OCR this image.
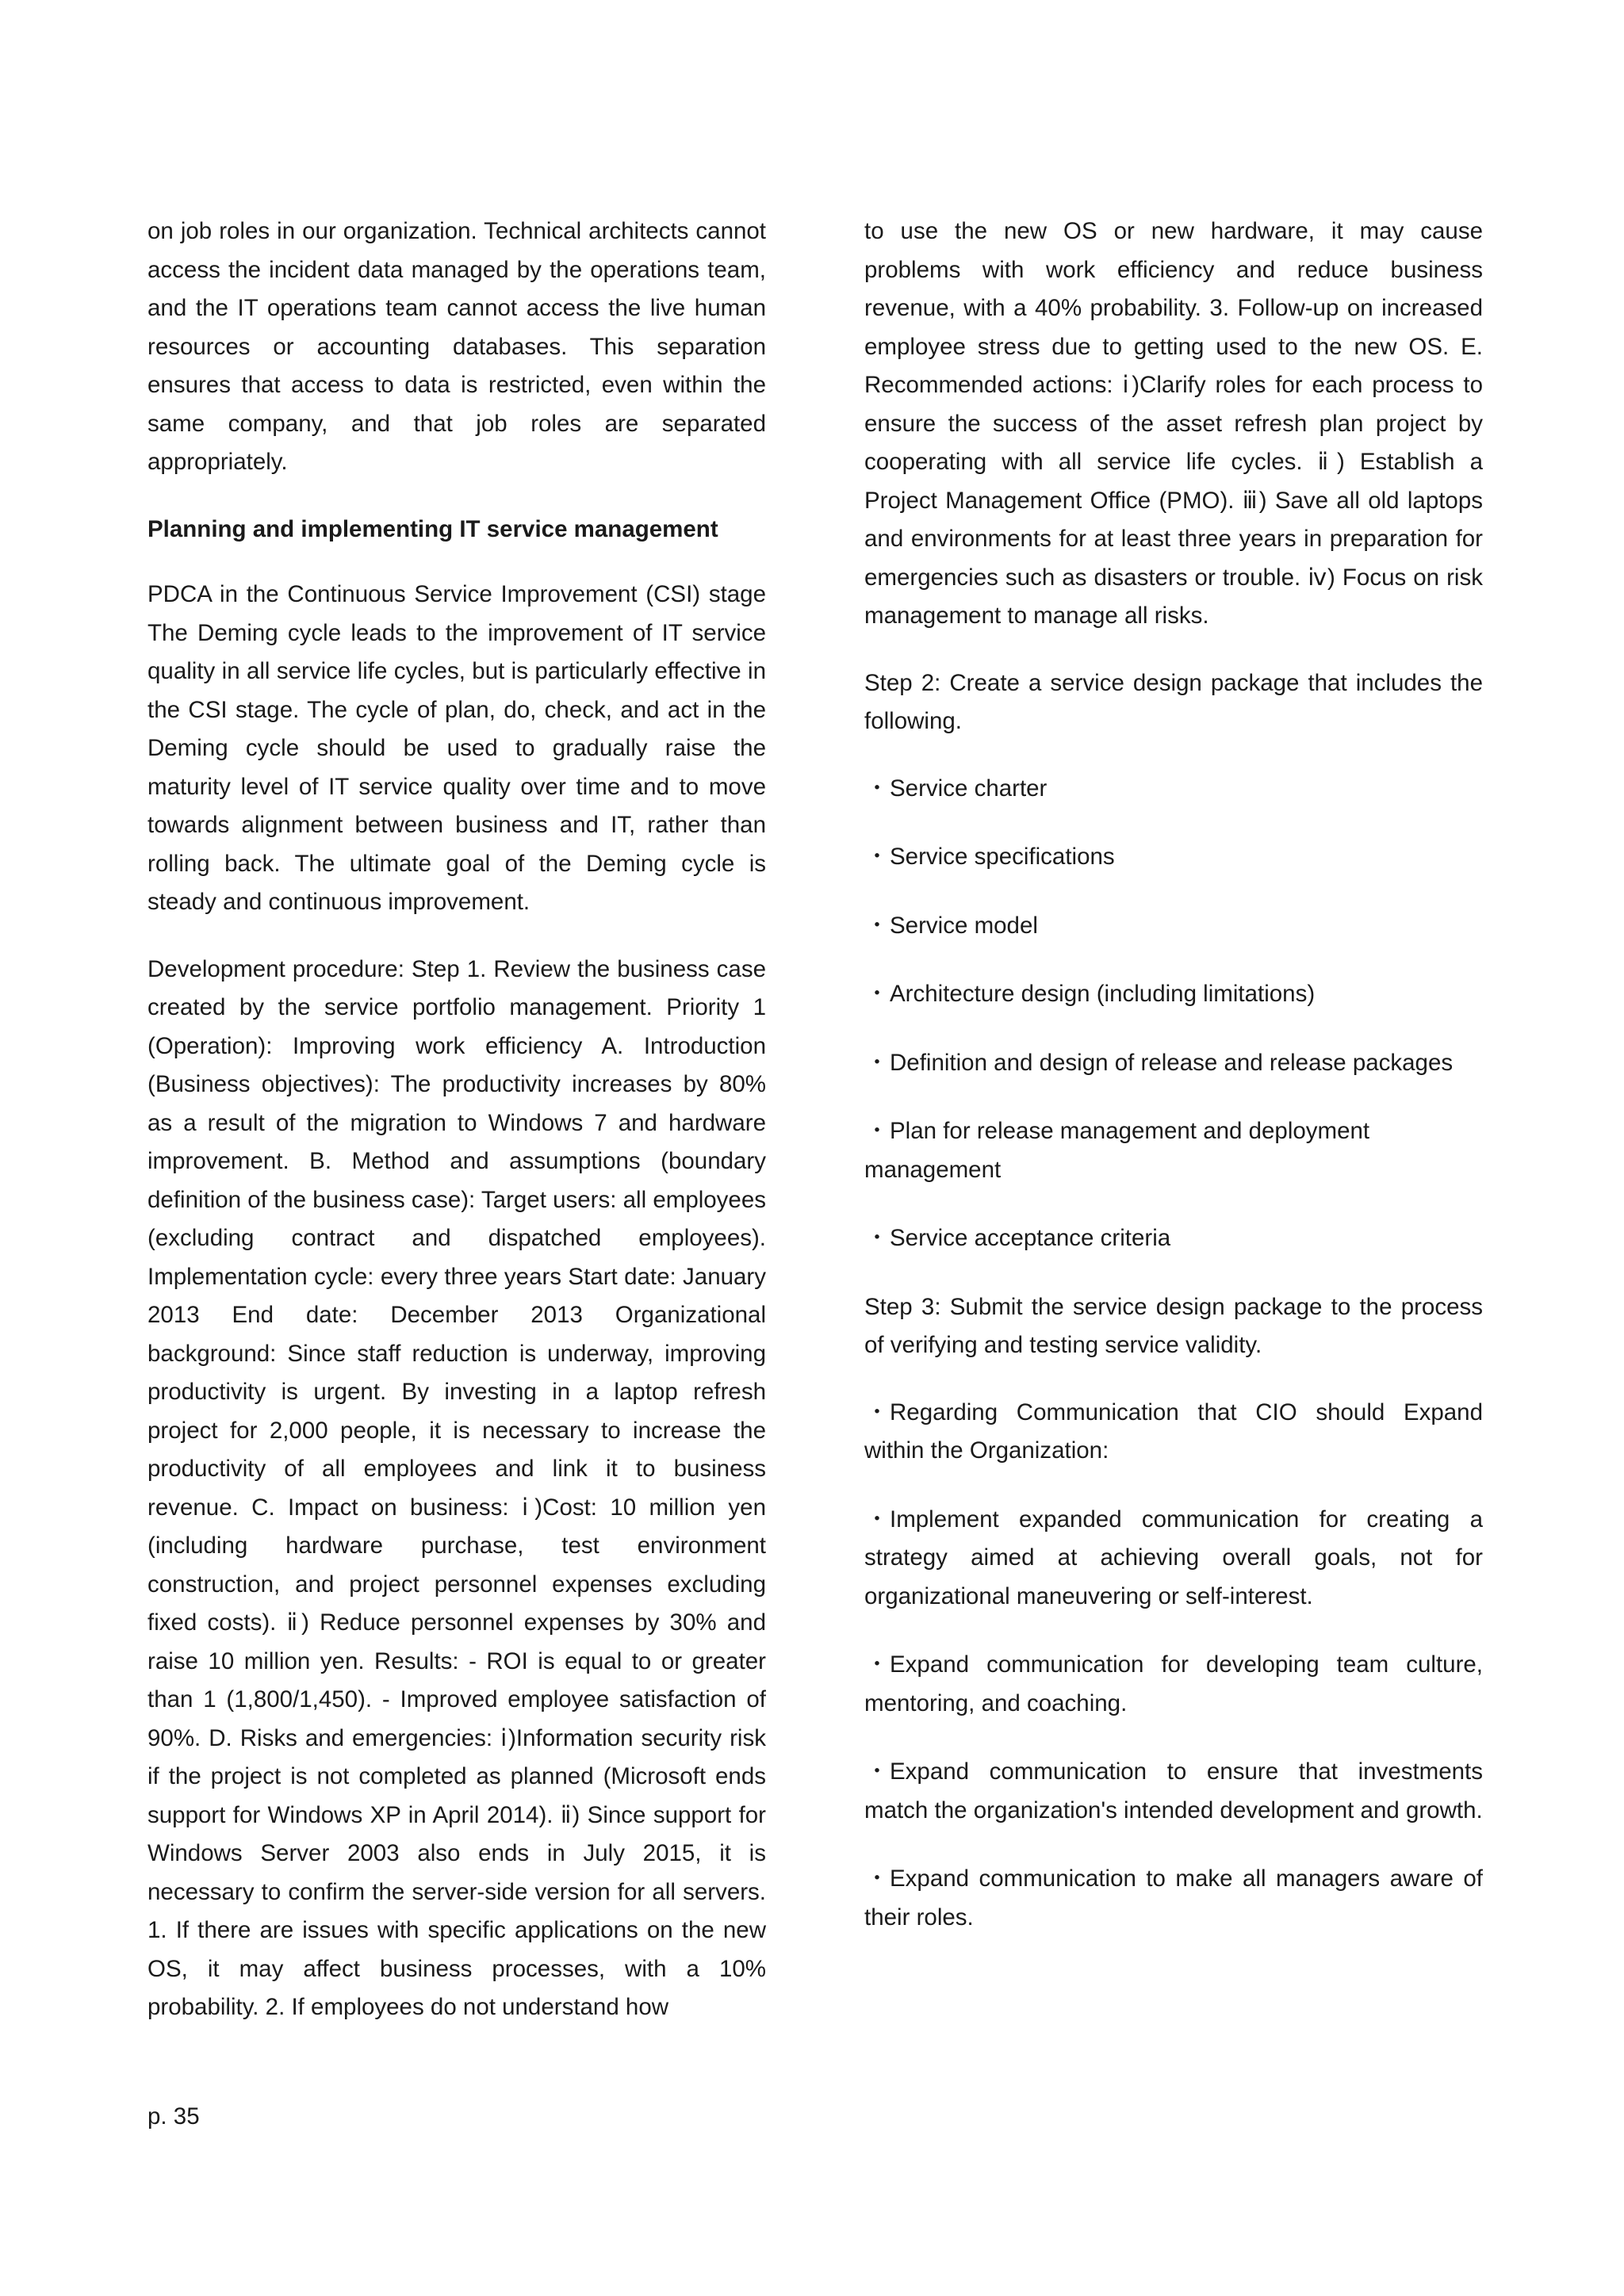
on job roles in our organization. Technical architects cannot access the incident data managed by the operations team, and the IT operations team cannot access the live human resources or accounting databases. This separation ensures that access to data is restricted, even within the same company, and that job roles are separated appropriately.

Planning and implementing IT service management

PDCA in the Continuous Service Improvement (CSI) stage The Deming cycle leads to the improvement of IT service quality in all service life cycles, but is particularly effective in the CSI stage. The cycle of plan, do, check, and act in the Deming cycle should be used to gradually raise the maturity level of IT service quality over time and to move towards alignment between business and IT, rather than rolling back. The ultimate goal of the Deming cycle is steady and continuous improvement.

Development procedure: Step 1. Review the business case created by the service portfolio management. Priority 1 (Operation): Improving work efficiency A. Introduction (Business objectives): The productivity increases by 80% as a result of the migration to Windows 7 and hardware improvement. B. Method and assumptions (boundary definition of the business case): Target users: all employees (excluding contract and dispatched employees). Implementation cycle: every three years Start date: January 2013 End date: December 2013 Organizational background: Since staff reduction is underway, improving productivity is urgent. By investing in a laptop refresh project for 2,000 people, it is necessary to increase the productivity of all employees and link it to business revenue. C. Impact on business: ⅰ)Cost: 10 million yen (including hardware purchase, test environment construction, and project personnel expenses excluding fixed costs). ⅱ) Reduce personnel expenses by 30% and raise 10 million yen. Results: - ROI is equal to or greater than 1 (1,800/1,450). - Improved employee satisfaction of 90%. D. Risks and emergencies: ⅰ)Information security risk if the project is not completed as planned (Microsoft ends support for Windows XP in April 2014). ⅱ) Since support for Windows Server 2003 also ends in July 2015, it is necessary to confirm the server-side version for all servers. 1. If there are issues with specific applications on the new OS, it may affect business processes, with a 10% probability. 2. If employees do not understand how

to use the new OS or new hardware, it may cause problems with work efficiency and reduce business revenue, with a 40% probability. 3. Follow-up on increased employee stress due to getting used to the new OS. E. Recommended actions: ⅰ)Clarify roles for each process to ensure the success of the asset refresh plan project by cooperating with all service life cycles. ⅱ) Establish a Project Management Office (PMO). ⅲ) Save all old laptops and environments for at least three years in preparation for emergencies such as disasters or trouble. ⅳ) Focus on risk management to manage all risks.

Step 2: Create a service design package that includes the following.

・Service charter

・Service specifications

・Service model

・Architecture design (including limitations)

・Definition and design of release and release packages

・Plan for release management and deployment management

・Service acceptance criteria

Step 3: Submit the service design package to the process of verifying and testing service validity.

・Regarding Communication that CIO should Expand within the Organization:

・Implement expanded communication for creating a strategy aimed at achieving overall goals, not for organizational maneuvering or self-interest.

・Expand communication for developing team culture, mentoring, and coaching.

・Expand communication to ensure that investments match the organization's intended development and growth.

・Expand communication to make all managers aware of their roles.

p. 35
